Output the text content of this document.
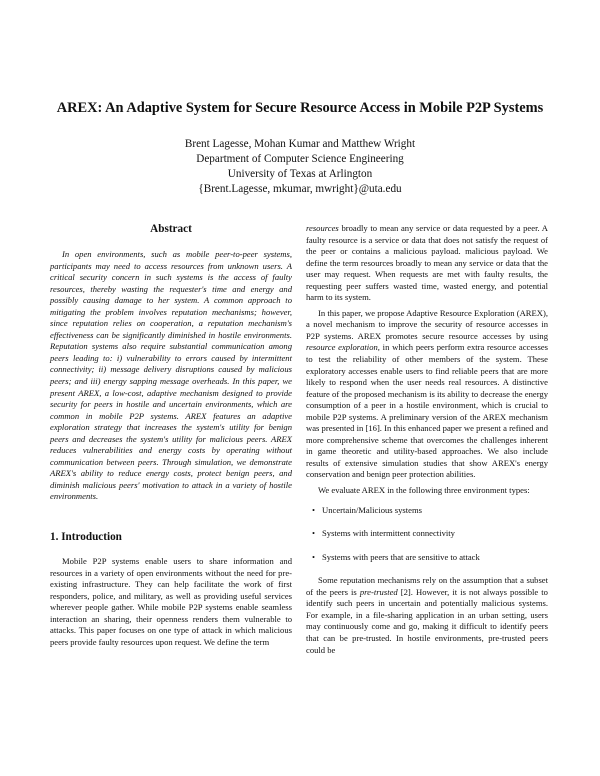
AREX: An Adaptive System for Secure Resource Access in Mobile P2P Systems
Brent Lagesse, Mohan Kumar and Matthew Wright
Department of Computer Science Engineering
University of Texas at Arlington
{Brent.Lagesse, mkumar, mwright}@uta.edu
Abstract

In open environments, such as mobile peer-to-peer systems, participants may need to access resources from unknown users. A critical security concern in such systems is the access of faulty resources, thereby wasting the requester's time and energy and possibly causing damage to her system. A common approach to mitigating the problem involves reputation mechanisms; however, since reputation relies on cooperation, a reputation mechanism's effectiveness can be significantly diminished in hostile environments. Reputation systems also require substantial communication among peers leading to: i) vulnerability to errors caused by intermittent connectivity; ii) message delivery disruptions caused by malicious peers; and iii) energy sapping message overheads. In this paper, we present AREX, a low-cost, adaptive mechanism designed to provide security for peers in hostile and uncertain environments, which are common in mobile P2P systems. AREX features an adaptive exploration strategy that increases the system's utility for benign peers and decreases the system's utility for malicious peers. AREX reduces vulnerabilities and energy costs by operating without communication between peers. Through simulation, we demonstrate AREX's ability to reduce energy costs, protect benign peers, and diminish malicious peers' motivation to attack in a variety of hostile environments.

1. Introduction

Mobile P2P systems enable users to share information and resources in a variety of open environments without the need for pre-existing infrastructure. They can help facilitate the work of first responders, police, and military, as well as providing useful services wherever people gather. While mobile P2P systems enable seamless interaction an sharing, their openness renders them vulnerable to attacks. This paper focuses on one type of attack in which malicious peers provide faulty resources upon request. We define the term

resources broadly to mean any service or data requested by a peer. A faulty resource is a service or data that does not satisfy the request of the peer or contains a malicious payload. malicious payload. We define the term resources broadly to mean any service or data that the user may request. When requests are met with faulty results, the requesting peer suffers wasted time, wasted energy, and potential harm to its system.

In this paper, we propose Adaptive Resource Exploration (AREX), a novel mechanism to improve the security of resource accesses in P2P systems. AREX promotes secure resource accesses by using resource exploration, in which peers perform extra resource accesses to test the reliability of other members of the system. These exploratory accesses enable users to find reliable peers that are more likely to respond when the user needs real resources. A distinctive feature of the proposed mechanism is its ability to decrease the energy consumption of a peer in a hostile environment, which is crucial to mobile P2P systems. A preliminary version of the AREX mechanism was presented in [16]. In this enhanced paper we present a refined and more comprehensive scheme that overcomes the challenges inherent in game theoretic and utility-based approaches. We also include results of extensive simulation studies that show AREX's energy conservation and benign peer protection abilities.

We evaluate AREX in the following three environment types:

• Uncertain/Malicious systems
• Systems with intermittent connectivity
• Systems with peers that are sensitive to attack

Some reputation mechanisms rely on the assumption that a subset of the peers is pre-trusted [2]. However, it is not always possible to identify such peers in uncertain and potentially malicious systems. For example, in a file-sharing application in an urban setting, users may continuously come and go, making it difficult to identify peers that can be pre-trusted. In hostile environments, pre-trusted peers could be
